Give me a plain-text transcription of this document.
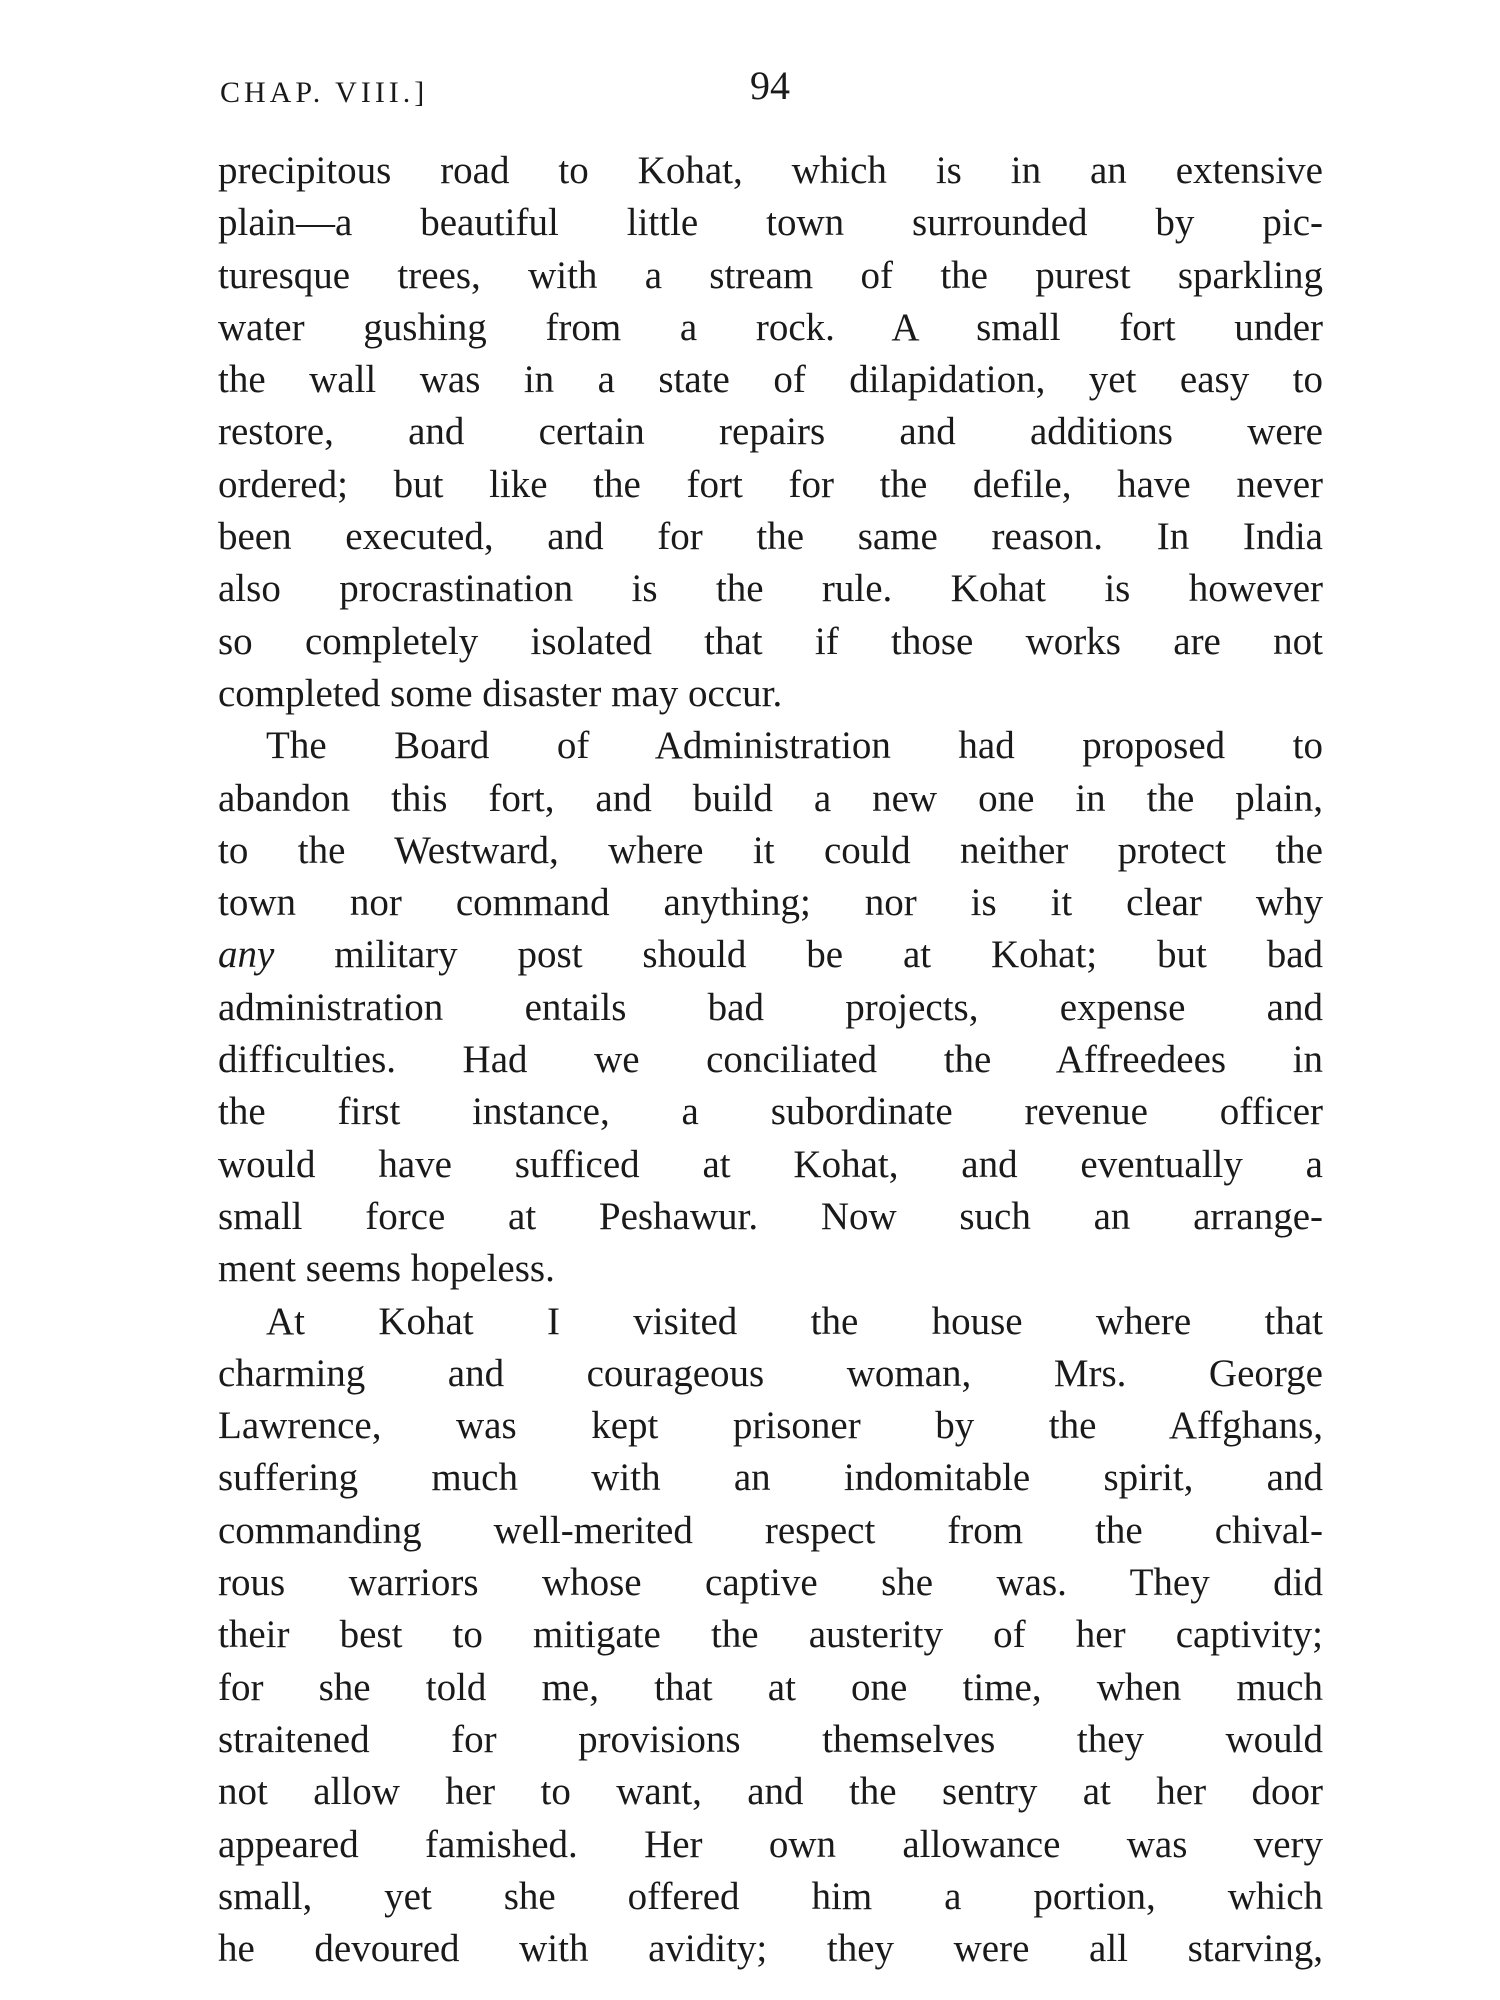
CHAP. VIII.]	94
precipitous road to Kohat, which is in an extensive
plain—a beautiful little town surrounded by pic-
turesque trees, with a stream of the purest sparkling
water gushing from a rock. A small fort under
the wall was in a state of dilapidation, yet easy to
restore, and certain repairs and additions were
ordered; but like the fort for the defile, have never
been executed, and for the same reason. In India
also procrastination is the rule. Kohat is however
so completely isolated that if those works are not
completed some disaster may occur.
The Board of Administration had proposed to
abandon this fort, and build a new one in the plain,
to the Westward, where it could neither protect the
town nor command anything; nor is it clear why
any military post should be at Kohat; but bad
administration entails bad projects, expense and
difficulties. Had we conciliated the Affreedees in
the first instance, a subordinate revenue officer
would have sufficed at Kohat, and eventually a
small force at Peshawur. Now such an arrange-
ment seems hopeless.
At Kohat I visited the house where that
charming and courageous woman, Mrs. George
Lawrence, was kept prisoner by the Affghans,
suffering much with an indomitable spirit, and
commanding well-merited respect from the chival-
rous warriors whose captive she was. They did
their best to mitigate the austerity of her captivity;
for she told me, that at one time, when much
straitened for provisions themselves they would
not allow her to want, and the sentry at her door
appeared famished. Her own allowance was very
small, yet she offered him a portion, which
he devoured with avidity; they were all starving,
